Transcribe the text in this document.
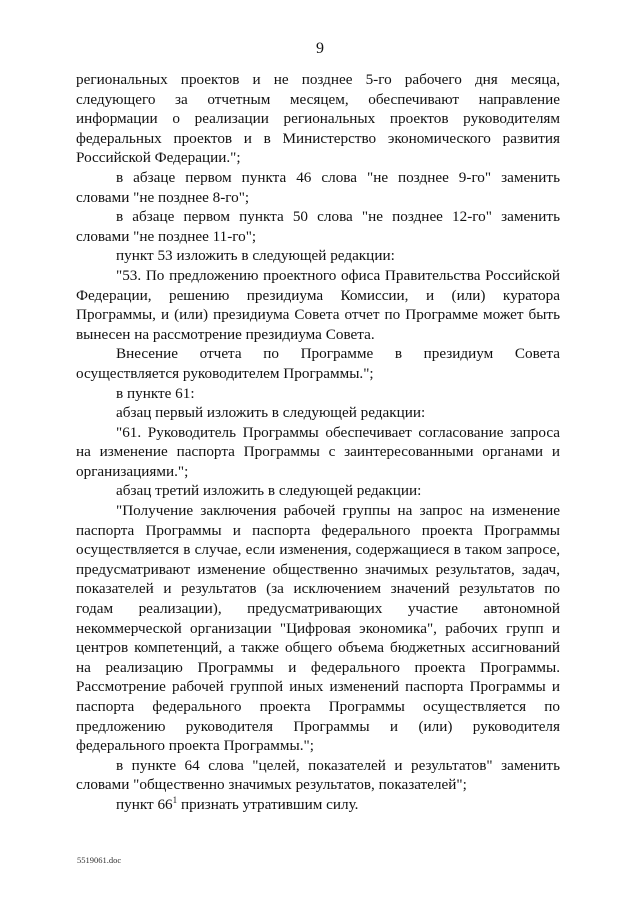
9

региональных проектов и не позднее 5-го рабочего дня месяца, следующего за отчетным месяцем, обеспечивают направление информации о реализации региональных проектов руководителям федеральных проектов и в Министерство экономического развития Российской Федерации.";

в абзаце первом пункта 46 слова "не позднее 9-го" заменить словами "не позднее 8-го";

в абзаце первом пункта 50 слова "не позднее 12-го" заменить словами "не позднее 11-го";

пункт 53 изложить в следующей редакции:

"53. По предложению проектного офиса Правительства Российской Федерации, решению президиума Комиссии, и (или) куратора Программы, и (или) президиума Совета отчет по Программе может быть вынесен на рассмотрение президиума Совета.

Внесение отчета по Программе в президиум Совета осуществляется руководителем Программы.";

в пункте 61:

абзац первый изложить в следующей редакции:

"61. Руководитель Программы обеспечивает согласование запроса на изменение паспорта Программы с заинтересованными органами и организациями.";

абзац третий изложить в следующей редакции:

"Получение заключения рабочей группы на запрос на изменение паспорта Программы и паспорта федерального проекта Программы осуществляется в случае, если изменения, содержащиеся в таком запросе, предусматривают изменение общественно значимых результатов, задач, показателей и результатов (за исключением значений результатов по годам реализации), предусматривающих участие автономной некоммерческой организации "Цифровая экономика", рабочих групп и центров компетенций, а также общего объема бюджетных ассигнований на реализацию Программы и федерального проекта Программы. Рассмотрение рабочей группой иных изменений паспорта Программы и паспорта федерального проекта Программы осуществляется по предложению руководителя Программы и (или) руководителя федерального проекта Программы.";

в пункте 64 слова "целей, показателей и результатов" заменить словами "общественно значимых результатов, показателей";

пункт $66^1$ признать утратившим силу.

5519061.doc
